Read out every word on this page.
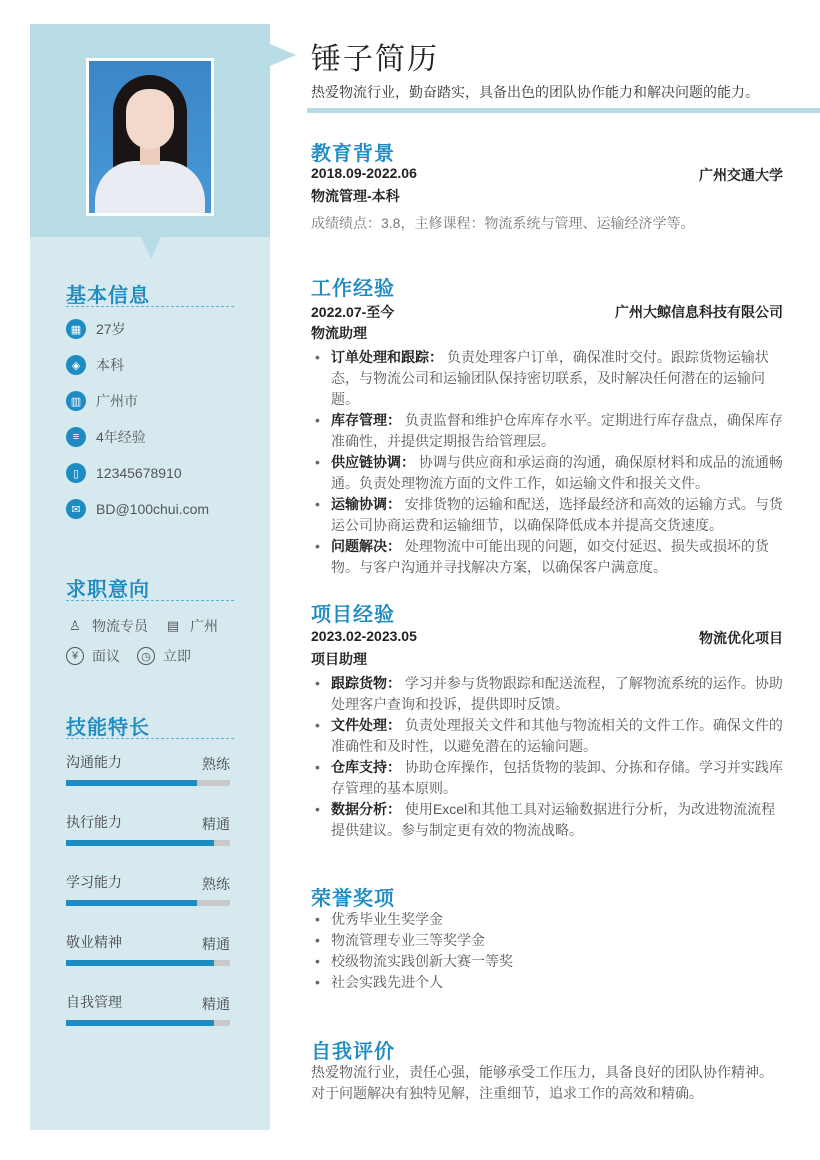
基本信息
▦	27岁
◈	本科
▥	广州市
≡	4年经验
▯	12345678910
✉	BD@100chui.com
求职意向
♙ 物流专员 ▤ 广州
¥ 面议	◷ 立即
技能特长
沟通能力	熟练
执行能力	精通
学习能力	熟练
敬业精神	精通
自我管理	精通
锤子简历
热爱物流行业，勤奋踏实，具备出色的团队协作能力和解决问题的能力。
教育背景
2018.09-2022.06	广州交通大学
物流管理-本科
成绩绩点：3.8，主修课程：物流系统与管理、运输经济学等。
工作经验
2022.07-至今	广州大鲸信息科技有限公司
物流助理
• 订单处理和跟踪： 负责处理客户订单，确保准时交付。跟踪货物运输状态，与物流公司和运输团队保持密切联系，及时解决任何潜在的运输问题。
• 库存管理： 负责监督和维护仓库库存水平。定期进行库存盘点，确保库存准确性，并提供定期报告给管理层。
• 供应链协调： 协调与供应商和承运商的沟通，确保原材料和成品的流通畅通。负责处理物流方面的文件工作，如运输文件和报关文件。
• 运输协调： 安排货物的运输和配送，选择最经济和高效的运输方式。与货运公司协商运费和运输细节，以确保降低成本并提高交货速度。
• 问题解决： 处理物流中可能出现的问题，如交付延迟、损失或损坏的货物。与客户沟通并寻找解决方案，以确保客户满意度。
项目经验
2023.02-2023.05	物流优化项目
项目助理
• 跟踪货物： 学习并参与货物跟踪和配送流程，了解物流系统的运作。协助处理客户查询和投诉，提供即时反馈。
• 文件处理： 负责处理报关文件和其他与物流相关的文件工作。确保文件的准确性和及时性，以避免潜在的运输问题。
• 仓库支持： 协助仓库操作，包括货物的装卸、分拣和存储。学习并实践库存管理的基本原则。
• 数据分析： 使用Excel和其他工具对运输数据进行分析，为改进物流流程提供建议。参与制定更有效的物流战略。
荣誉奖项
• 优秀毕业生奖学金
• 物流管理专业三等奖学金
• 校级物流实践创新大赛一等奖
• 社会实践先进个人
自我评价
热爱物流行业，责任心强，能够承受工作压力，具备良好的团队协作精神。
对于问题解决有独特见解，注重细节，追求工作的高效和精确。
